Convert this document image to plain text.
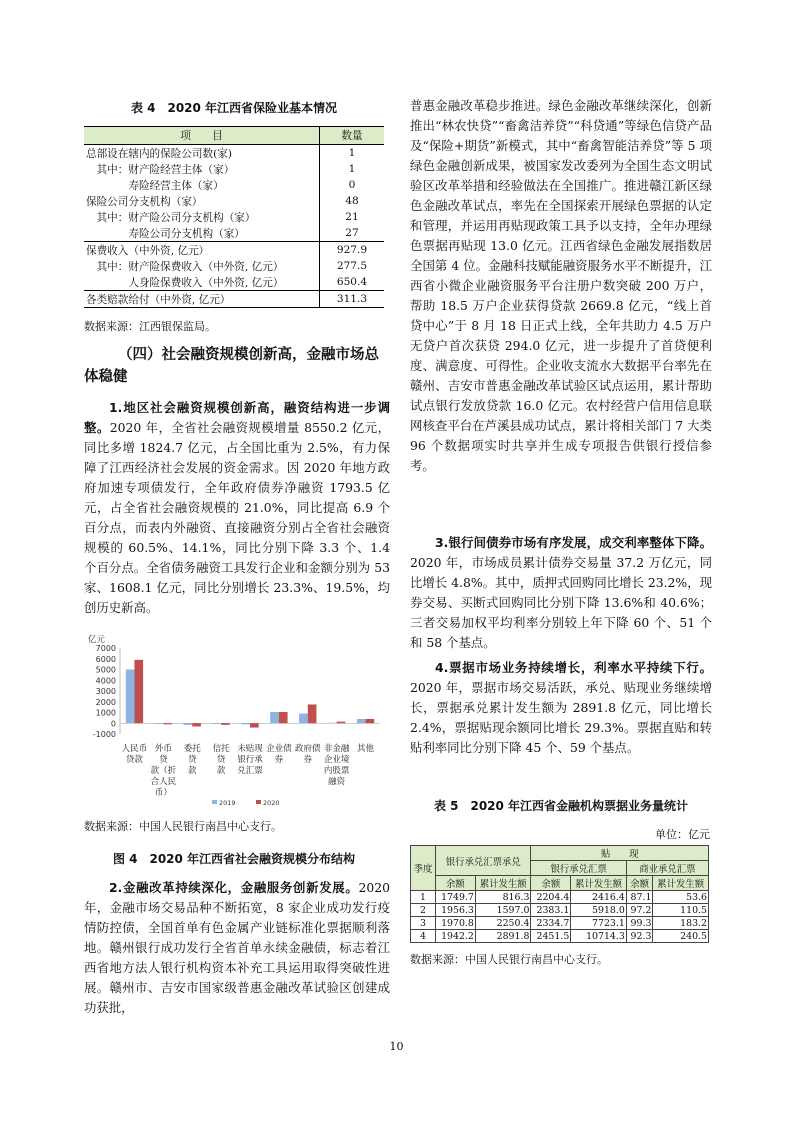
表 4　2020 年江西省保险业基本情况
项　　目	数量
总部设在辖内的保险公司数(家)	1
　其中：财产险经营主体（家）	1
　　　　寿险经营主体（家）	0
保险公司分支机构（家）	48
　其中：财产险公司分支机构（家）	21
　　　　寿险公司分支机构（家）	27
保费收入（中外资, 亿元）	927.9
　其中：财产险保费收入（中外资, 亿元）	277.5
　　　　人身险保费收入（中外资, 亿元）	650.4
各类赔款给付（中外资, 亿元）	311.3
数据来源：江西银保监局。

（四）社会融资规模创新高，金融市场总体稳健

1.地区社会融资规模创新高，融资结构进一步调整。2020 年，全省社会融资规模增量 8550.2 亿元，同比多增 1824.7 亿元，占全国比重为 2.5%，有力保障了江西经济社会发展的资金需求。因 2020 年地方政府加速专项债发行，全年政府债券净融资 1793.5 亿元，占全省社会融资规模的 21.0%，同比提高 6.9 个百分点，而表内外融资、直接融资分别占全省社会融资规模的 60.5%、14.1%，同比分别下降 3.3 个、1.4 个百分点。全省债务融资工具发行企业和金额分别为 53 家、1608.1 亿元，同比分别增长 23.3%、19.5%，均创历史新高。

亿元
7000
6000
5000
4000
3000
2000
1000
0
-1000
人民币
贷款
外币
贷
款（折
合人民
币）
委托
贷
款
信托
贷
款
未贴现
银行承
兑汇票
企业债
券
政府债
券
非金融
企业境
内股票
融资
其他
2019	2020
数据来源：中国人民银行南昌中心支行。
图 4　2020 年江西省社会融资规模分布结构

2.金融改革持续深化，金融服务创新发展。2020 年，金融市场交易品种不断拓宽，8 家企业成功发行疫情防控债，全国首单有色金属产业链标准化票据顺利落地。赣州银行成功发行全省首单永续金融债，标志着江西省地方法人银行机构资本补充工具运用取得突破性进展。赣州市、吉安市国家级普惠金融改革试验区创建成功获批，

普惠金融改革稳步推进。绿色金融改革继续深化，创新推出“林农快贷”“畜禽洁养贷”“科贷通”等绿色信贷产品及“保险+期货”新模式，其中“畜禽智能洁养贷”等 5 项绿色金融创新成果，被国家发改委列为全国生态文明试验区改革举措和经验做法在全国推广。推进赣江新区绿色金融改革试点，率先在全国探索开展绿色票据的认定和管理，并运用再贴现政策工具予以支持，全年办理绿色票据再贴现 13.0 亿元。江西省绿色金融发展指数居全国第 4 位。金融科技赋能融资服务水平不断提升，江西省小微企业融资服务平台注册户数突破 200 万户，帮助 18.5 万户企业获得贷款 2669.8 亿元，“线上首贷中心”于 8 月 18 日正式上线，全年共助力 4.5 万户无贷户首次获贷 294.0 亿元，进一步提升了首贷便利度、满意度、可得性。企业收支流水大数据平台率先在赣州、吉安市普惠金融改革试验区试点运用，累计帮助试点银行发放贷款 16.0 亿元。农村经营户信用信息联网核查平台在芦溪县成功试点，累计将相关部门 7 大类 96 个数据项实时共享并生成专项报告供银行授信参考。

3.银行间债券市场有序发展，成交利率整体下降。2020 年，市场成员累计债券交易量 37.2 万亿元，同比增长 4.8%。其中，质押式回购同比增长 23.2%，现券交易、买断式回购同比分别下降 13.6%和 40.6%；三者交易加权平均利率分别较上年下降 60 个、51 个和 58 个基点。

4.票据市场业务持续增长，利率水平持续下行。2020 年，票据市场交易活跃，承兑、贴现业务继续增长，票据承兑累计发生额为 2891.8 亿元，同比增长 2.4%，票据贴现余额同比增长 29.3%。票据直贴和转贴利率同比分别下降 45 个、59 个基点。

表 5　2020 年江西省金融机构票据业务量统计
单位：亿元
季度	银行承兑汇票承兑		贴　　现			
			银行承兑汇票		商业承兑汇票	
	余额	累计发生额	余额	累计发生额	余额	累计发生额
1	1749.7	816.3	2204.4	2416.4	87.1	53.6
2	1956.3	1597.0	2383.1	5918.0	97.2	110.5
3	1970.8	2250.4	2334.7	7723.1	99.3	183.2
4	1942.2	2891.8	2451.5	10714.3	92.3	240.5
数据来源：中国人民银行南昌中心支行。
10
